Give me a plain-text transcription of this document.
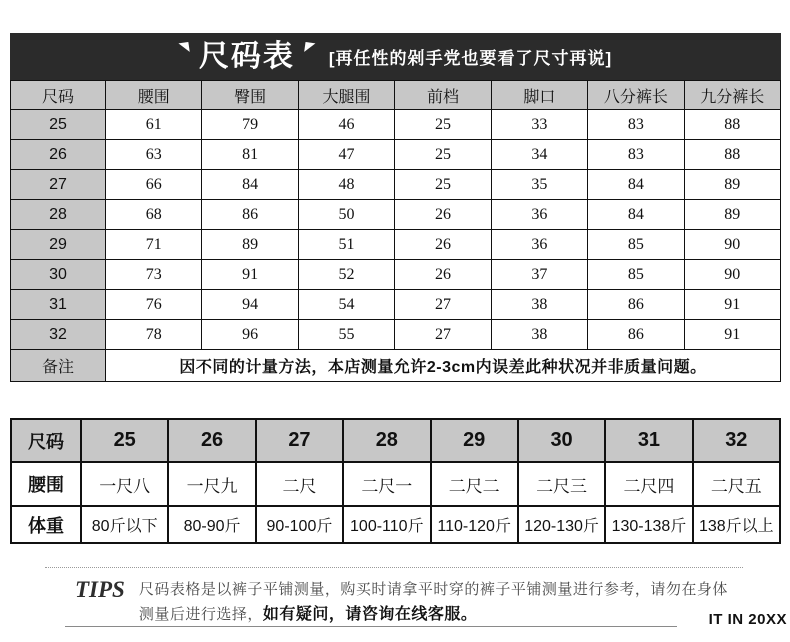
◥ 尺码表 ◤
[再任性的剁手党也要看了尺寸再说]
尺码	腰围	臀围	大腿围	前档	脚口	八分裤长	九分裤长
25	61	79	46	25	33	83	88
26	63	81	47	25	34	83	88
27	66	84	48	25	35	84	89
28	68	86	50	26	36	84	89
29	71	89	51	26	36	85	90
30	73	91	52	26	37	85	90
31	76	94	54	27	38	86	91
32	78	96	55	27	38	86	91
备注	因不同的计量方法，本店测量允许2-3cm内误差此种状况并非质量问题。						
尺码	25	26	27	28	29	30	31	32
腰围	一尺八	一尺九	二尺	二尺一	二尺二	二尺三	二尺四	二尺五
体重	80斤以下	80-90斤	90-100斤	100-110斤	110-120斤	120-130斤	130-138斤	138斤以上
TIPS 尺码表格是以裤子平铺测量，购买时请拿平时穿的裤子平铺测量进行参考，请勿在身体测量后进行选择，如有疑问，请咨询在线客服。	IT IN 20XX
